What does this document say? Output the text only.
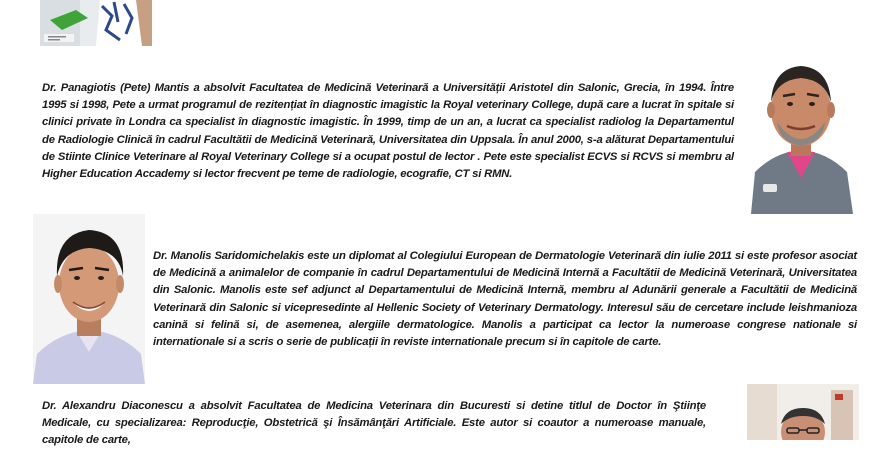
Dr. Panagiotis (Pete) Mantis a absolvit Facultatea de Medicină Veterinară a Universității Aristotel din Salonic, Grecia, în 1994. Între 1995 si 1998, Pete a urmat programul de rezitențiat în diagnostic imagistic la Royal veterinary College, după care a lucrat în spitale si clinici private în Londra ca specialist în diagnostic imagistic. În 1999, timp de un an, a lucrat ca specialist radiolog la Departamentul de Radiologie Clinică în cadrul Facultătii de Medicină Veterinară, Universitatea din Uppsala. În anul 2000, s-a alăturat Departamentului de Stiinte Clinice Veterinare al Royal Veterinary College si a ocupat postul de lector . Pete este specialist ECVS si RCVS si membru al Higher Education Accademy si lector frecvent pe teme de radiologie, ecografie, CT si RMN.
Dr. Manolis Saridomichelakis este un diplomat al Colegiului European de Dermatologie Veterinară din iulie 2011 si este profesor asociat de Medicină a animalelor de companie în cadrul Departamentului de Medicină Internă a Facultătii de Medicină Veterinară, Universitatea din Salonic. Manolis este sef adjunct al Departamentului de Medicină Internă, membru al Adunării generale a Facultătii de Medicină Veterinară din Salonic si vicepresedinte al Hellenic Society of Veterinary Dermatology. Interesul său de cercetare include leishmanioza canină si felină si, de asemenea, alergiile dermatologice. Manolis a participat ca lector la numeroase congrese nationale si internationale si a scris o serie de publicații în reviste internationale precum si în capitole de carte.
Dr. Alexandru Diaconescu a absolvit Facultatea de Medicina Veterinara din Bucuresti si detine titlul de Doctor în Ştiinţe Medicale, cu specializarea: Reproducţie, Obstetrică şi Însămânţări Artificiale. Este autor si coautor a numeroase manuale, capitole de carte,
